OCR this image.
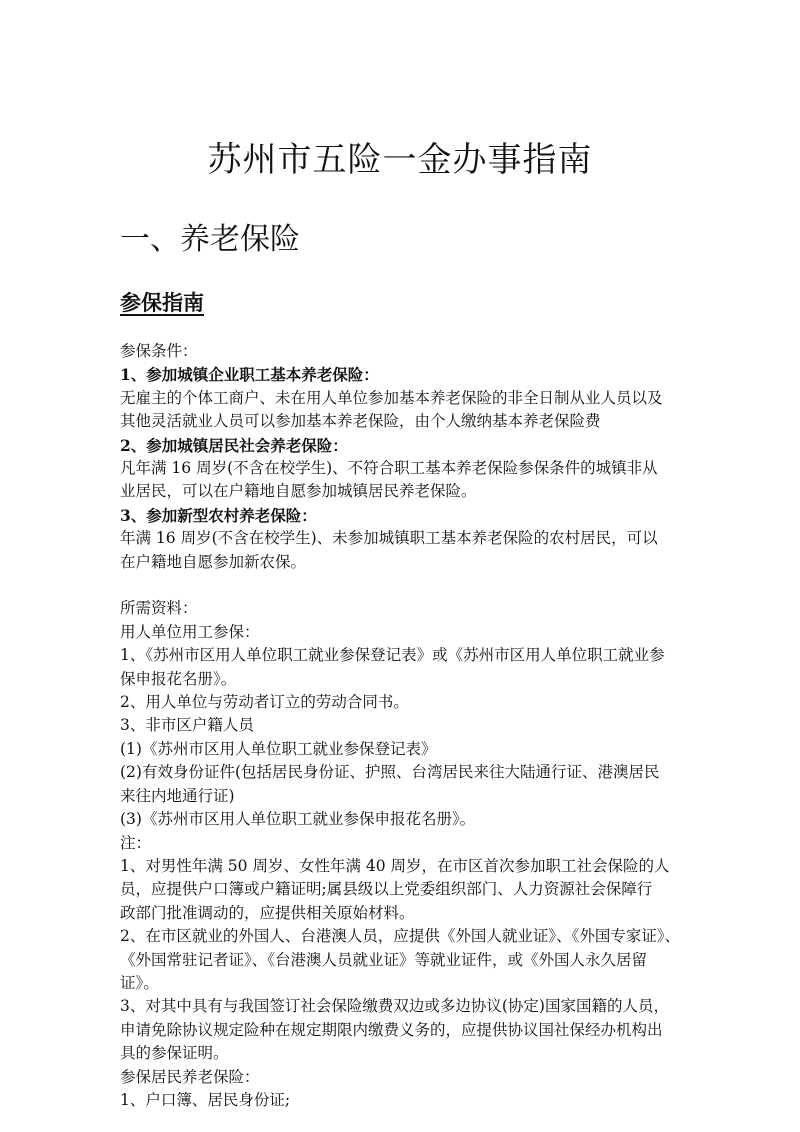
苏州市五险一金办事指南
一、养老保险
参保指南

参保条件：

1、参加城镇企业职工基本养老保险：

无雇主的个体工商户、未在用人单位参加基本养老保险的非全日制从业人员以及

其他灵活就业人员可以参加基本养老保险，由个人缴纳基本养老保险费

2、参加城镇居民社会养老保险：

凡年满 16 周岁(不含在校学生)、不符合职工基本养老保险参保条件的城镇非从

业居民，可以在户籍地自愿参加城镇居民养老保险。

3、参加新型农村养老保险：

年满 16 周岁(不含在校学生)、未参加城镇职工基本养老保险的农村居民，可以

在户籍地自愿参加新农保。

所需资料：

用人单位用工参保：

1、《苏州市区用人单位职工就业参保登记表》或《苏州市区用人单位职工就业参

保申报花名册》。

2、用人单位与劳动者订立的劳动合同书。

3、非市区户籍人员

(1)《苏州市区用人单位职工就业参保登记表》

(2)有效身份证件(包括居民身份证、护照、台湾居民来往大陆通行证、港澳居民

来往内地通行证)

(3)《苏州市区用人单位职工就业参保申报花名册》。

注：

1、对男性年满 50 周岁、女性年满 40 周岁，在市区首次参加职工社会保险的人

员，应提供户口簿或户籍证明;属县级以上党委组织部门、人力资源社会保障行

政部门批准调动的，应提供相关原始材料。

2、在市区就业的外国人、台港澳人员，应提供《外国人就业证》、《外国专家证》、

《外国常驻记者证》、《台港澳人员就业证》等就业证件，或《外国人永久居留

证》。

3、对其中具有与我国签订社会保险缴费双边或多边协议(协定)国家国籍的人员，

申请免除协议规定险种在规定期限内缴费义务的，应提供协议国社保经办机构出

具的参保证明。

参保居民养老保险：

1、户口簿、居民身份证;
